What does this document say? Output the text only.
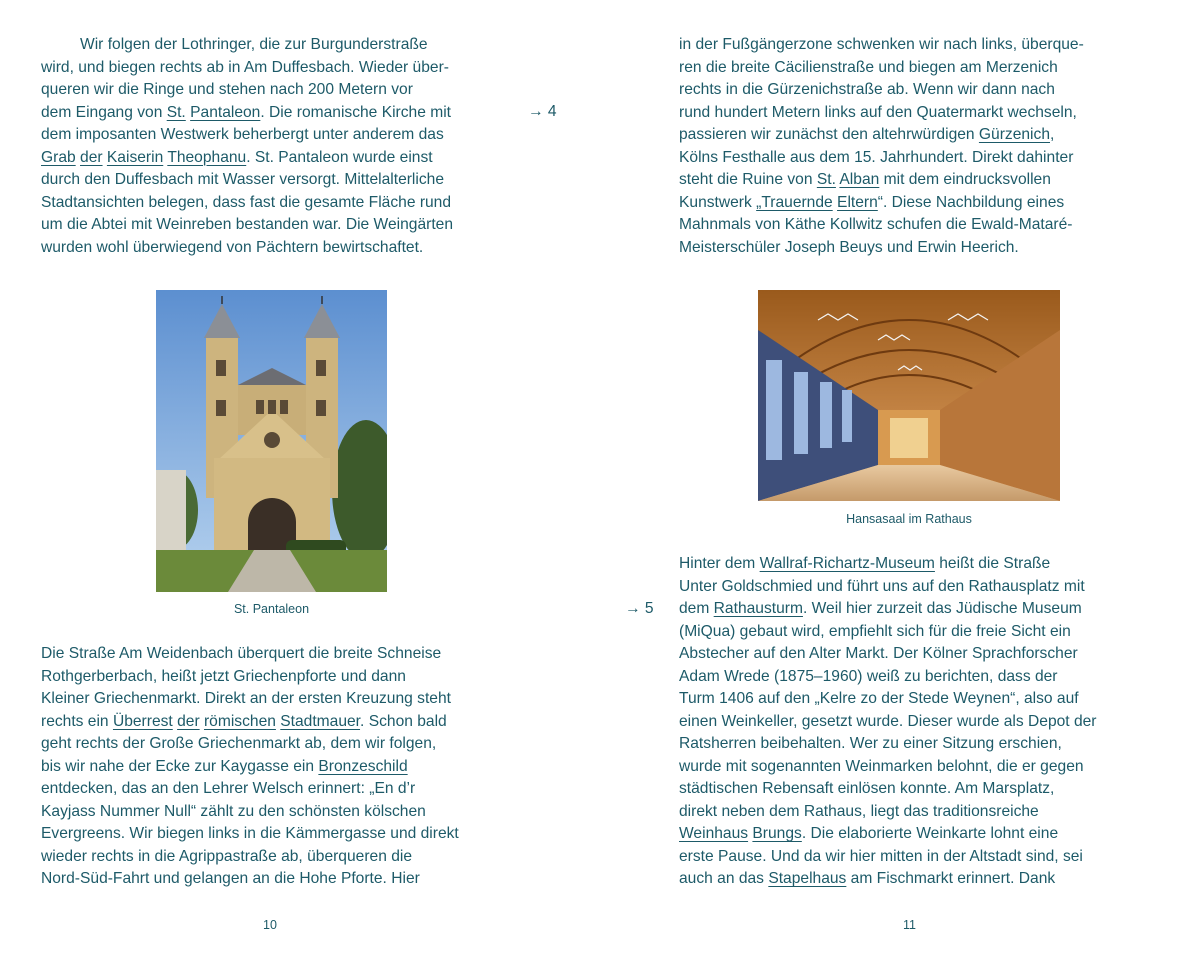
Wir folgen der Lothringer, die zur Burgunderstraße

wird, und biegen rechts ab in Am Duffesbach. Wieder über-

queren wir die Ringe und stehen nach 200 Metern vor

dem Eingang von St. Pantaleon. Die romanische Kirche mit

dem imposanten Westwerk beherbergt unter anderem das

Grab der Kaiserin Theophanu. St. Pantaleon wurde einst

durch den Duffesbach mit Wasser versorgt. Mittelalterliche

Stadtansichten belegen, dass fast die gesamte Fläche rund

um die Abtei mit Weinreben bestanden war. Die Weingärten

wurden wohl überwiegend von Pächtern bewirtschaftet.

→ 4
St. Pantaleon

Die Straße Am Weidenbach überquert die breite Schneise

Rothgerberbach, heißt jetzt Griechenpforte und dann

Kleiner Griechenmarkt. Direkt an der ersten Kreuzung steht

rechts ein Überrest der römischen Stadtmauer. Schon bald

geht rechts der Große Griechenmarkt ab, dem wir folgen,

bis wir nahe der Ecke zur Kaygasse ein Bronzeschild

entdecken, das an den Lehrer Welsch erinnert: „En d’r

Kayjass Nummer Null“ zählt zu den schönsten kölschen

Evergreens. Wir biegen links in die Kämmergasse und direkt

wieder rechts in die Agrippastraße ab, überqueren die

Nord-Süd-Fahrt und gelangen an die Hohe Pforte. Hier

10

in der Fußgängerzone schwenken wir nach links, überque-

ren die breite Cäcilienstraße und biegen am Merzenich

rechts in die Gürzenichstraße ab. Wenn wir dann nach

rund hundert Metern links auf den Quatermarkt wechseln,

passieren wir zunächst den altehrwürdigen Gürzenich,

Kölns Festhalle aus dem 15. Jahrhundert. Direkt dahinter

steht die Ruine von St. Alban mit dem eindrucksvollen

Kunstwerk „Trauernde Eltern“. Diese Nachbildung eines

Mahnmals von Käthe Kollwitz schufen die Ewald-Mataré-

Meisterschüler Joseph Beuys und Erwin Heerich.

Hansasaal im Rathaus
→ 5

Hinter dem Wallraf-Richartz-Museum heißt die Straße

Unter Goldschmied und führt uns auf den Rathausplatz mit

dem Rathausturm. Weil hier zurzeit das Jüdische Museum

(MiQua) gebaut wird, empfiehlt sich für die freie Sicht ein

Abstecher auf den Alter Markt. Der Kölner Sprachforscher

Adam Wrede (1875–1960) weiß zu berichten, dass der

Turm 1406 auf den „Kelre zo der Stede Weynen“, also auf

einen Weinkeller, gesetzt wurde. Dieser wurde als Depot der

Ratsherren beibehalten. Wer zu einer Sitzung erschien,

wurde mit sogenannten Weinmarken belohnt, die er gegen

städtischen Rebensaft einlösen konnte. Am Marsplatz,

direkt neben dem Rathaus, liegt das traditionsreiche

Weinhaus Brungs. Die elaborierte Weinkarte lohnt eine

erste Pause. Und da wir hier mitten in der Altstadt sind, sei

auch an das Stapelhaus am Fischmarkt erinnert. Dank

11
